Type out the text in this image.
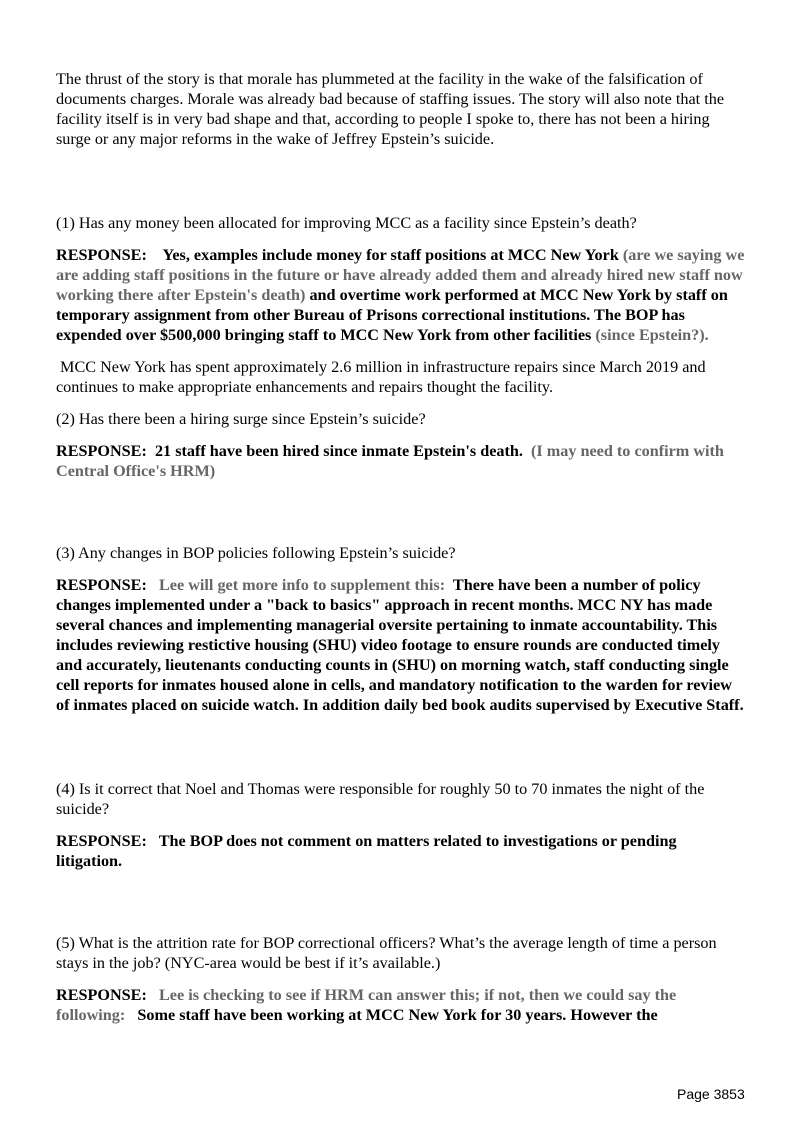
The thrust of the story is that morale has plummeted at the facility in the wake of the falsification of documents charges. Morale was already bad because of staffing issues. The story will also note that the facility itself is in very bad shape and that, according to people I spoke to, there has not been a hiring surge or any major reforms in the wake of Jeffrey Epstein’s suicide.

(1) Has any money been allocated for improving MCC as a facility since Epstein’s death?

RESPONSE: Yes, examples include money for staff positions at MCC New York (are we saying we are adding staff positions in the future or have already added them and already hired new staff now working there after Epstein's death) and overtime work performed at MCC New York by staff on temporary assignment from other Bureau of Prisons correctional institutions. The BOP has expended over $500,000 bringing staff to MCC New York from other facilities (since Epstein?).

MCC New York has spent approximately 2.6 million in infrastructure repairs since March 2019 and continues to make appropriate enhancements and repairs thought the facility.

(2) Has there been a hiring surge since Epstein’s suicide?

RESPONSE: 21 staff have been hired since inmate Epstein's death. (I may need to confirm with Central Office's HRM)

(3) Any changes in BOP policies following Epstein’s suicide?

RESPONSE: Lee will get more info to supplement this: There have been a number of policy changes implemented under a "back to basics" approach in recent months. MCC NY has made several chances and implementing managerial oversite pertaining to inmate accountability. This includes reviewing restictive housing (SHU) video footage to ensure rounds are conducted timely and accurately, lieutenants conducting counts in (SHU) on morning watch, staff conducting single cell reports for inmates housed alone in cells, and mandatory notification to the warden for review of inmates placed on suicide watch. In addition daily bed book audits supervised by Executive Staff.

(4) Is it correct that Noel and Thomas were responsible for roughly 50 to 70 inmates the night of the suicide?

RESPONSE: The BOP does not comment on matters related to investigations or pending litigation.

(5) What is the attrition rate for BOP correctional officers? What’s the average length of time a person stays in the job? (NYC-area would be best if it’s available.)

RESPONSE: Lee is checking to see if HRM can answer this; if not, then we could say the following: Some staff have been working at MCC New York for 30 years. However the

Page 3853
